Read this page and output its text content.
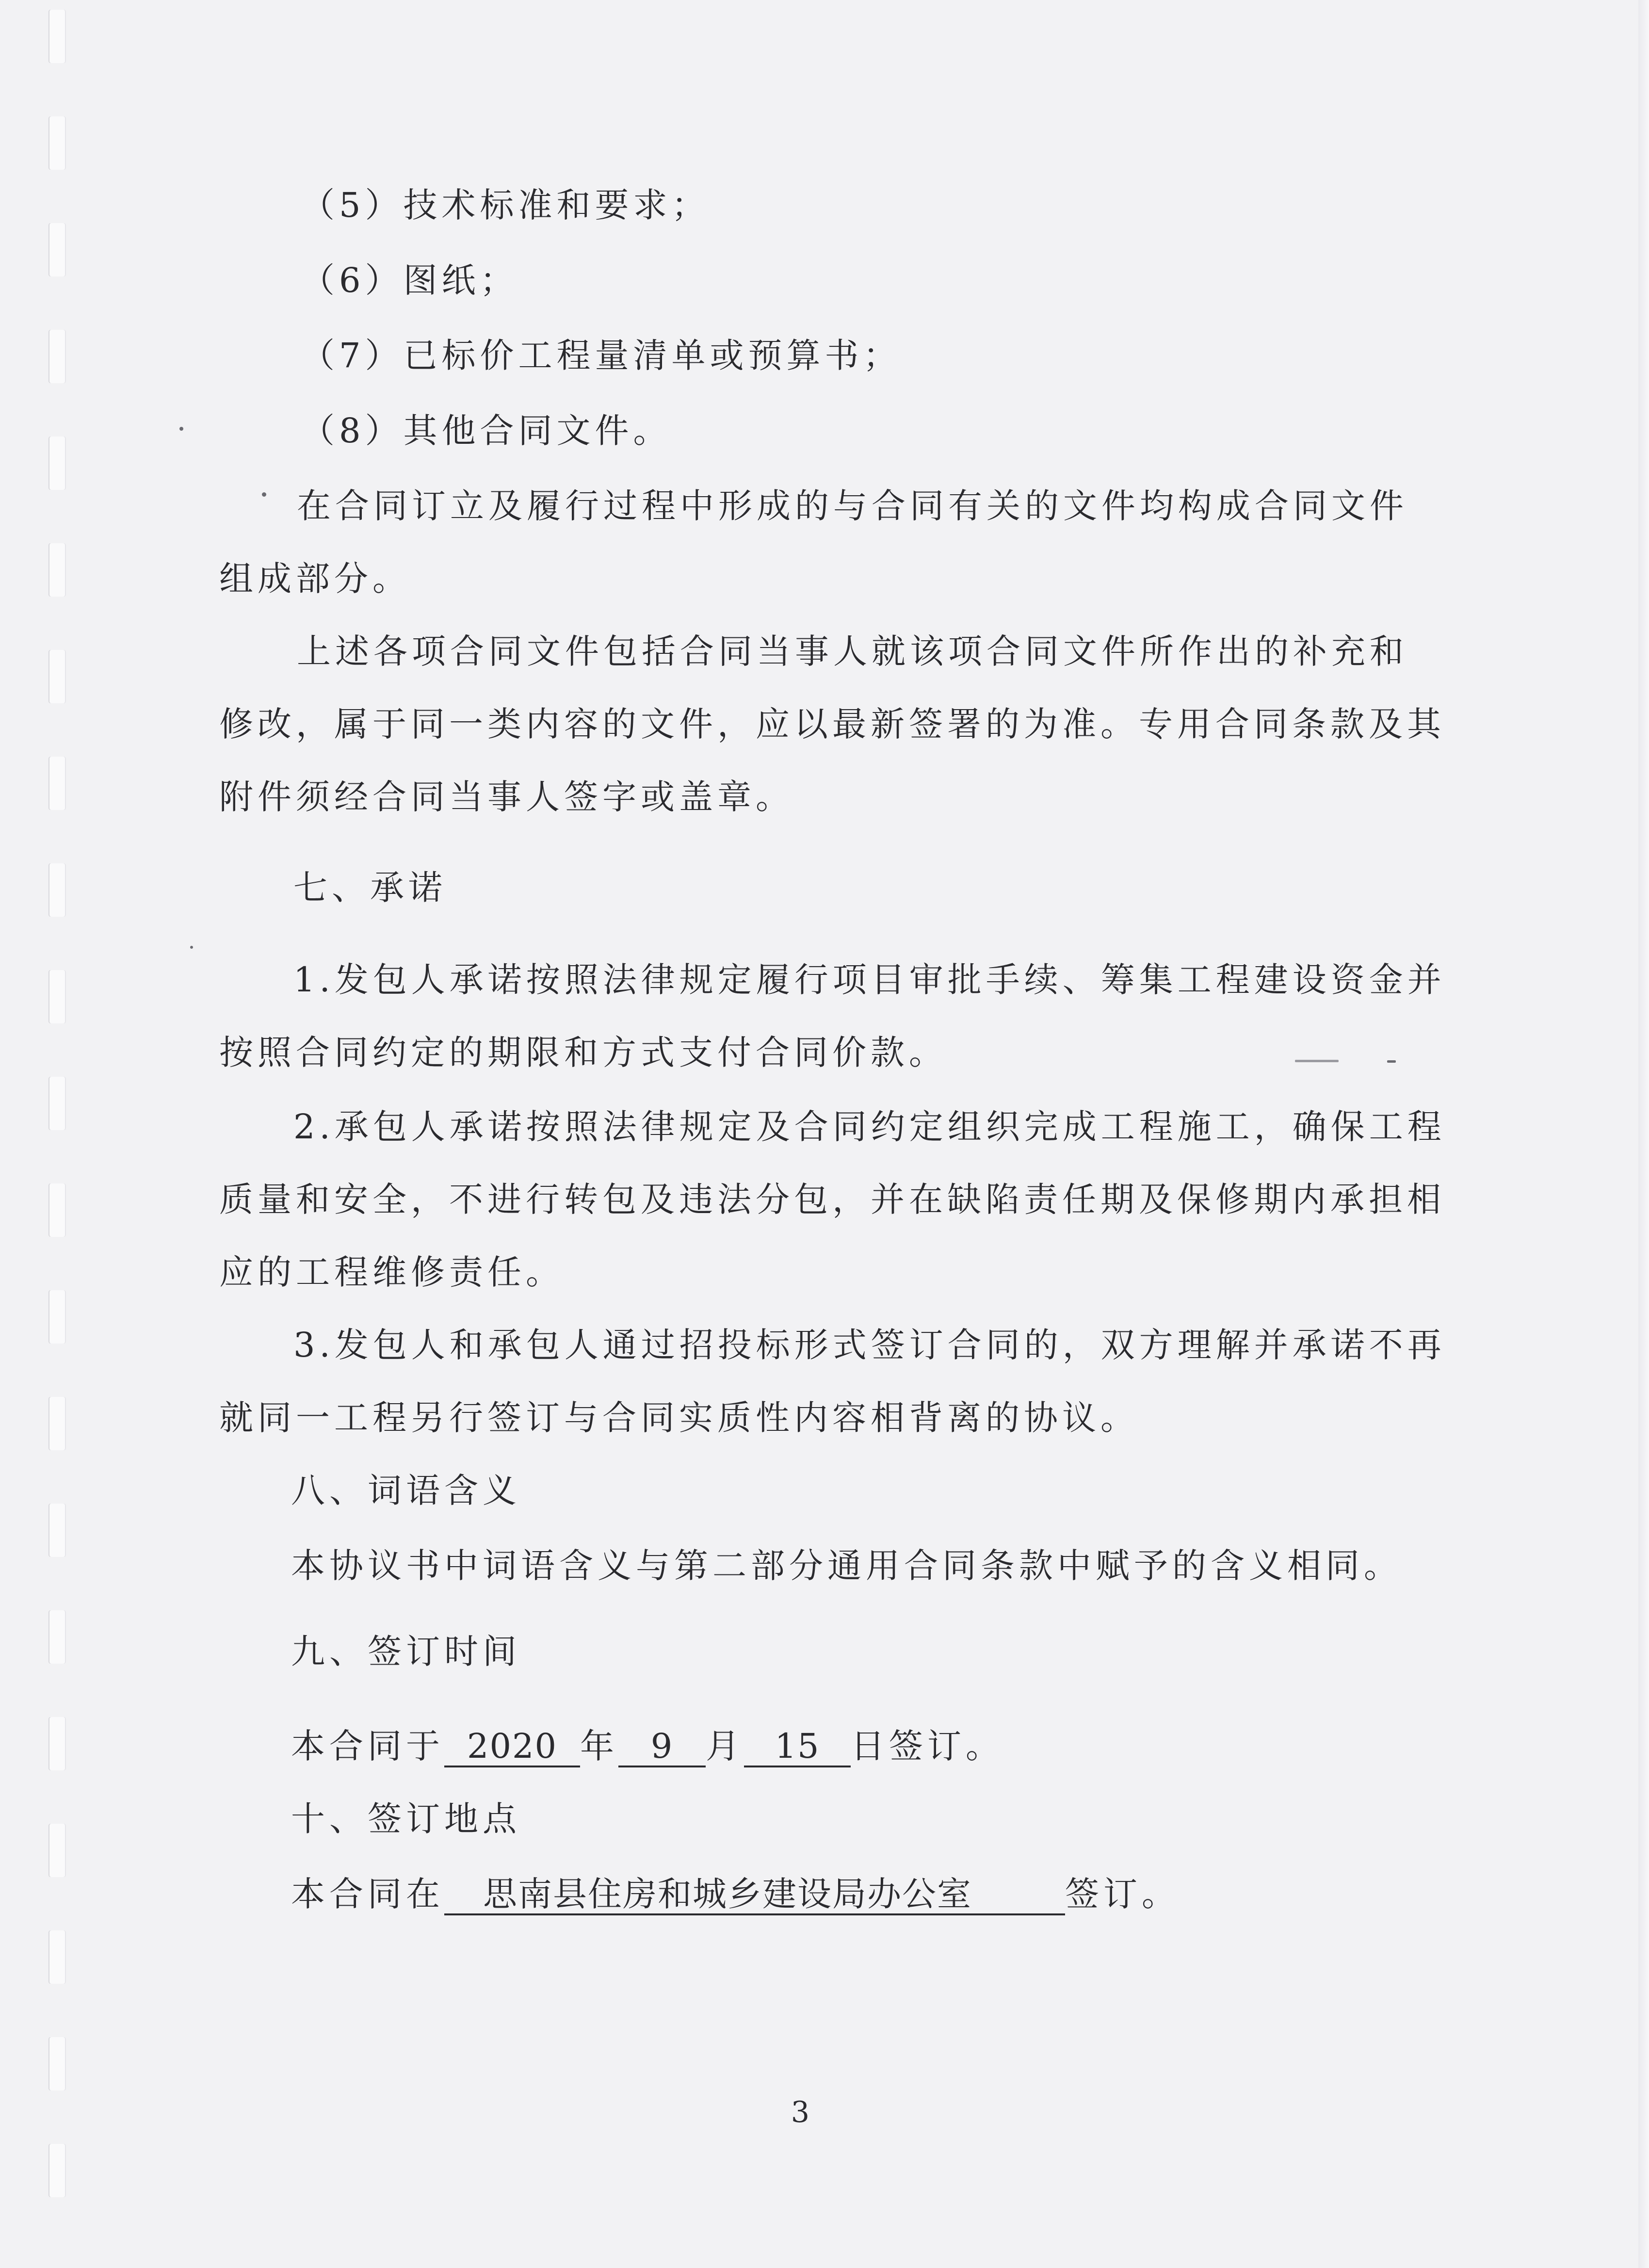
（5）技术标准和要求；
（6）图纸；
（7）已标价工程量清单或预算书；
（8）其他合同文件。
在合同订立及履行过程中形成的与合同有关的文件均构成合同文件
组成部分。
上述各项合同文件包括合同当事人就该项合同文件所作出的补充和
修改，属于同一类内容的文件，应以最新签署的为准。专用合同条款及其
附件须经合同当事人签字或盖章。
七、承诺
1.发包人承诺按照法律规定履行项目审批手续、筹集工程建设资金并
按照合同约定的期限和方式支付合同价款。
2.承包人承诺按照法律规定及合同约定组织完成工程施工，确保工程
质量和安全，不进行转包及违法分包，并在缺陷责任期及保修期内承担相
应的工程维修责任。
3.发包人和承包人通过招投标形式签订合同的，双方理解并承诺不再
就同一工程另行签订与合同实质性内容相背离的协议。
八、词语含义
本协议书中词语含义与第二部分通用合同条款中赋予的含义相同。
九、签订时间
本合同于 2020 年 9 月 15 日签订。
十、签订地点
本合同在 思南县住房和城乡建设局办公室	签订。
3
